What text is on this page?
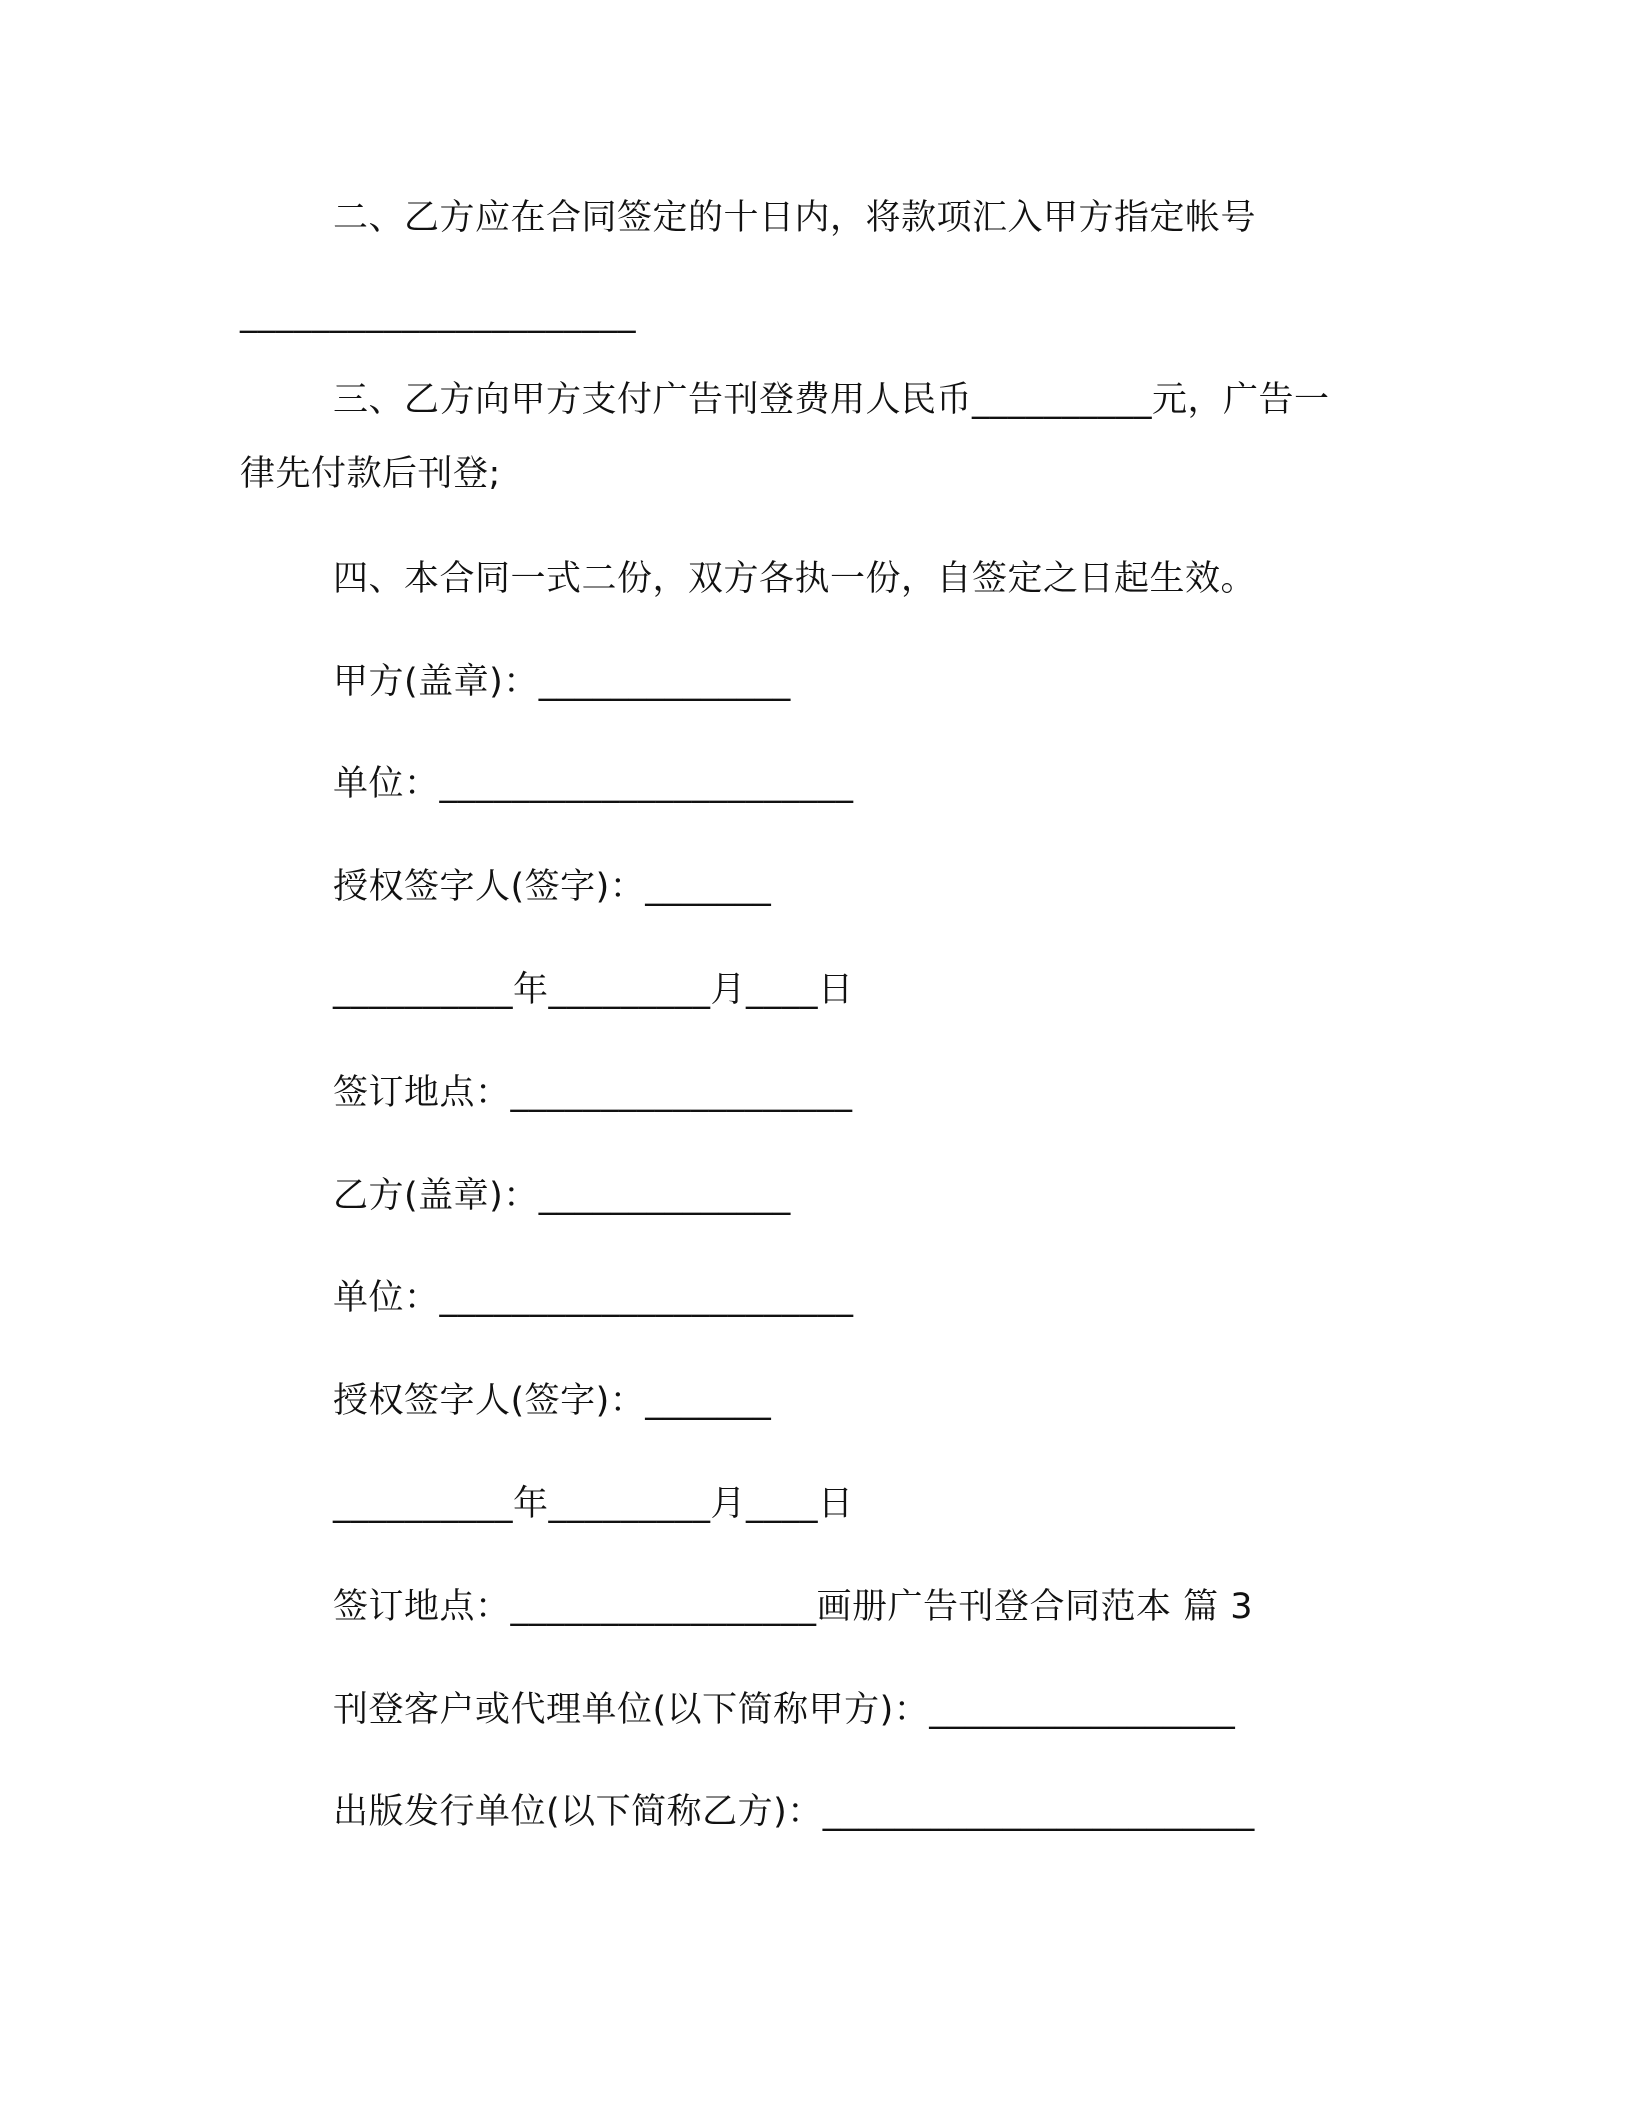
二、乙方应在合同签定的十日内，将款项汇入甲方指定帐号
______________________
三、乙方向甲方支付广告刊登费用人民币__________元，广告一
律先付款后刊登;
四、本合同一式二份，双方各执一份，自签定之日起生效。
甲方(盖章)：______________
单位：_______________________
授权签字人(签字)：_______
__________年_________月____日
签订地点：___________________
乙方(盖章)：______________
单位：_______________________
授权签字人(签字)：_______
__________年_________月____日
签订地点：_________________画册广告刊登合同范本 篇 3
刊登客户或代理单位(以下简称甲方)：_________________
出版发行单位(以下简称乙方)：________________________
